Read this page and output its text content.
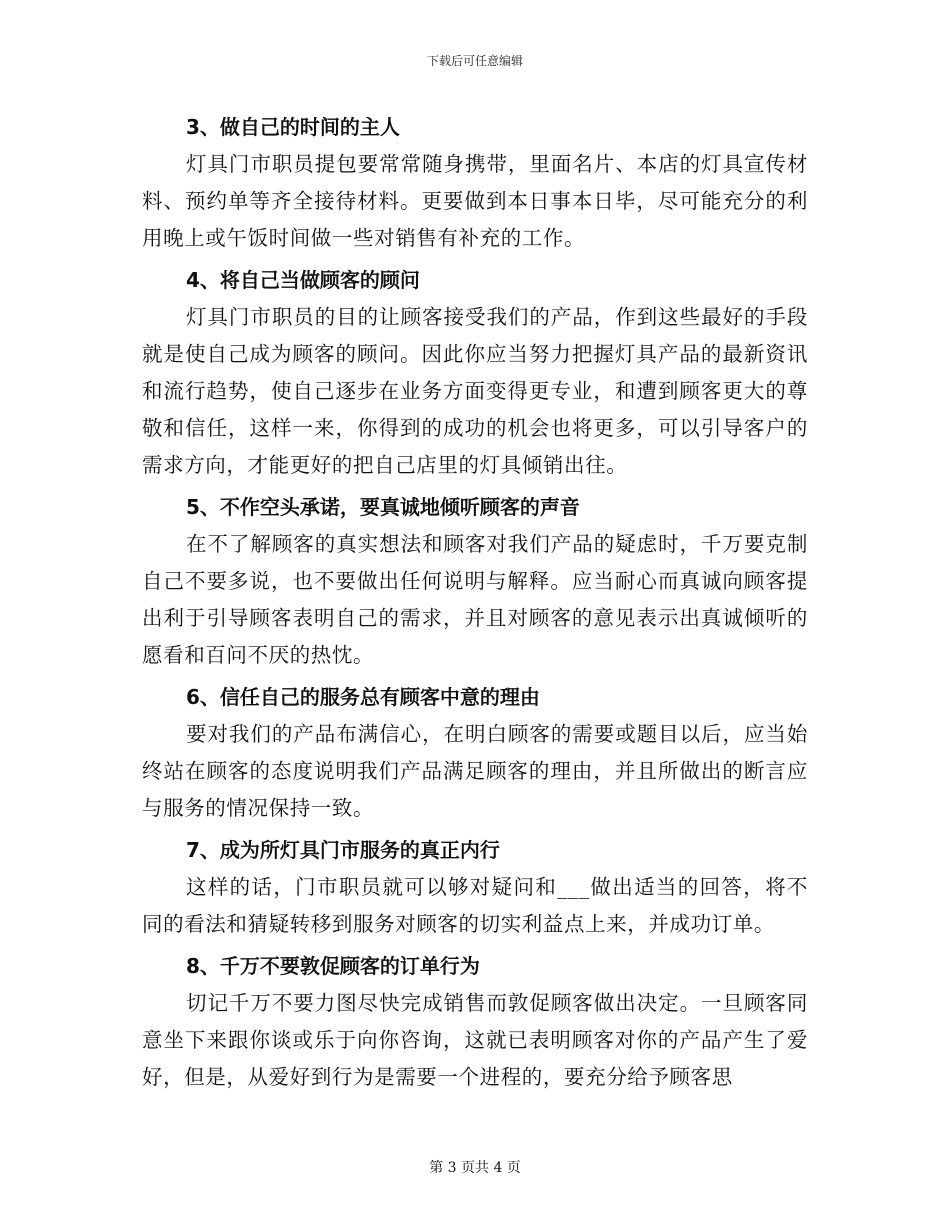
下载后可任意编辑

3、做自己的时间的主人

灯具门市职员提包要常常随身携带，里面名片、本店的灯具宣传材料、预约单等齐全接待材料。更要做到本日事本日毕，尽可能充分的利用晚上或午饭时间做一些对销售有补充的工作。

4、将自己当做顾客的顾问

灯具门市职员的目的让顾客接受我们的产品，作到这些最好的手段就是使自己成为顾客的顾问。因此你应当努力把握灯具产品的最新资讯和流行趋势，使自己逐步在业务方面变得更专业，和遭到顾客更大的尊敬和信任，这样一来，你得到的成功的机会也将更多，可以引导客户的需求方向，才能更好的把自己店里的灯具倾销出往。

5、不作空头承诺，要真诚地倾听顾客的声音

在不了解顾客的真实想法和顾客对我们产品的疑虑时，千万要克制自己不要多说，也不要做出任何说明与解释。应当耐心而真诚向顾客提出利于引导顾客表明自己的需求，并且对顾客的意见表示出真诚倾听的愿看和百问不厌的热忱。

6、信任自己的服务总有顾客中意的理由

要对我们的产品布满信心，在明白顾客的需要或题目以后，应当始终站在顾客的态度说明我们产品满足顾客的理由，并且所做出的断言应与服务的情况保持一致。

7、成为所灯具门市服务的真正内行

这样的话，门市职员就可以够对疑问和___做出适当的回答，将不同的看法和猜疑转移到服务对顾客的切实利益点上来，并成功订单。

8、千万不要敦促顾客的订单行为

切记千万不要力图尽快完成销售而敦促顾客做出决定。一旦顾客同意坐下来跟你谈或乐于向你咨询，这就已表明顾客对你的产品产生了爱好，但是，从爱好到行为是需要一个进程的，要充分给予顾客思

第 3 页共 4 页
